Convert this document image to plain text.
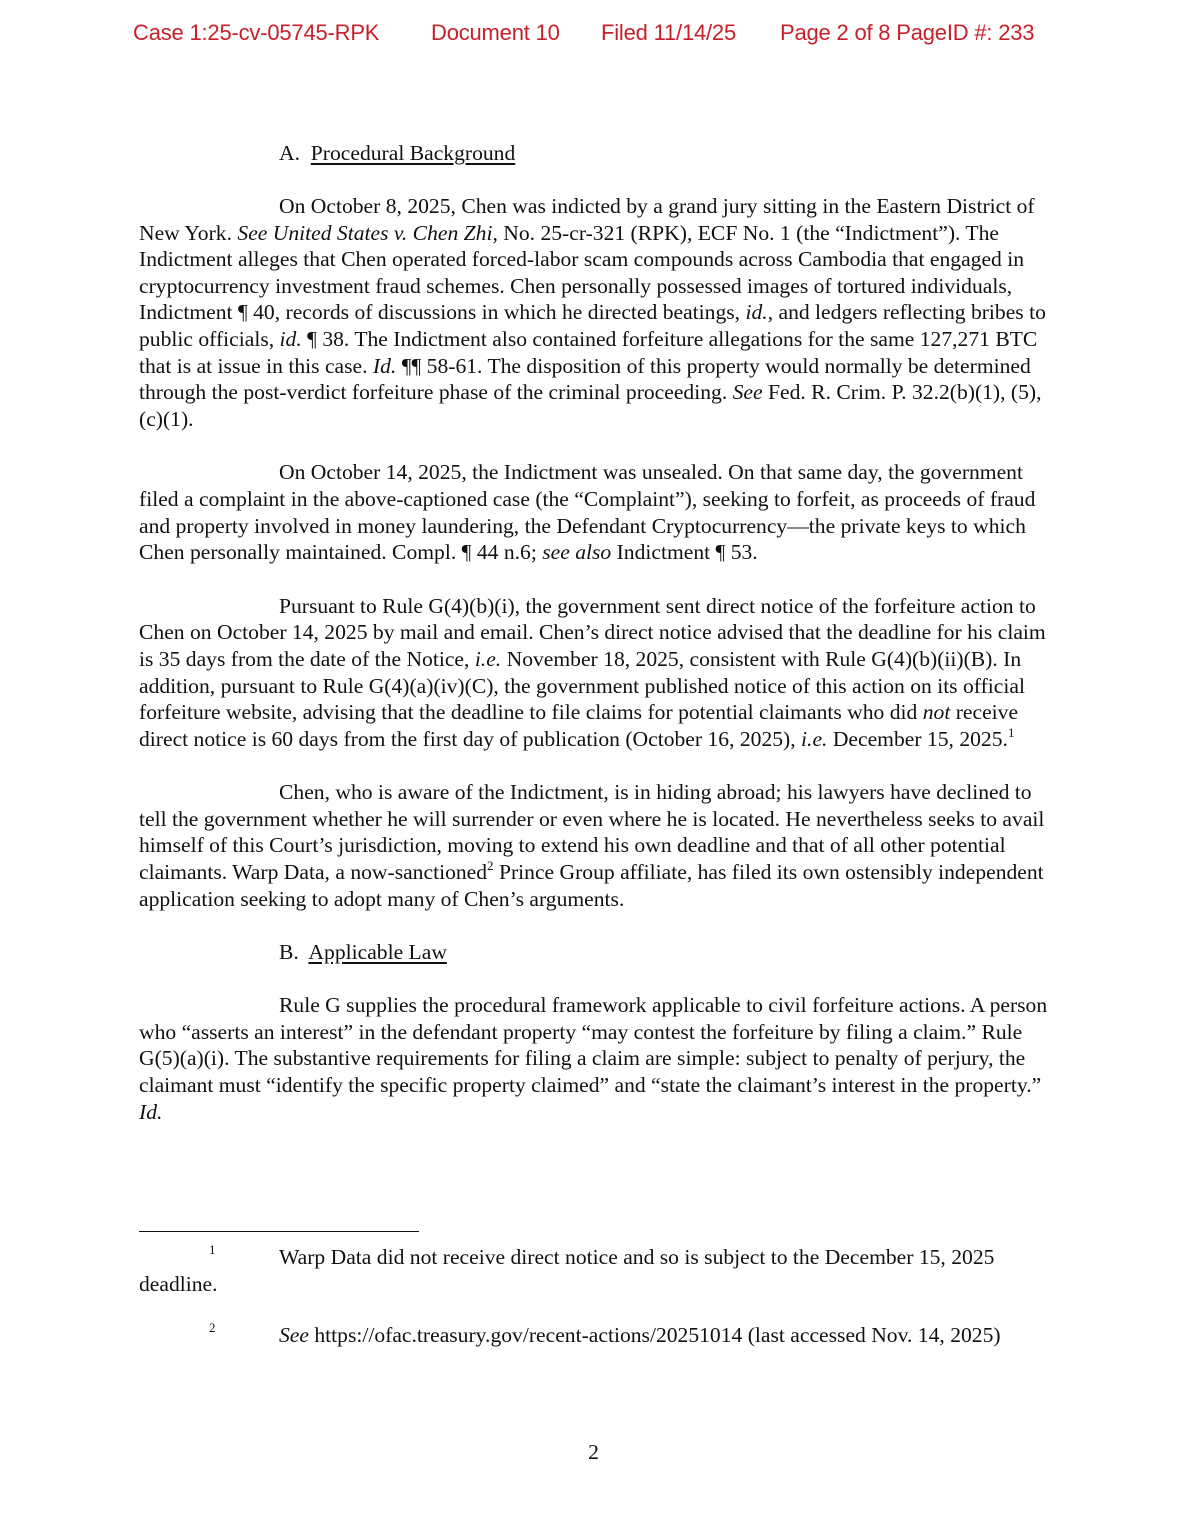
Case 1:25-cv-05745-RPK Document 10 Filed 11/14/25 Page 2 of 8 PageID #: 233
A. Procedural Background

On October 8, 2025, Chen was indicted by a grand jury sitting in the Eastern District of New York. See United States v. Chen Zhi, No. 25-cr-321 (RPK), ECF No. 1 (the “Indictment”). The Indictment alleges that Chen operated forced-labor scam compounds across Cambodia that engaged in cryptocurrency investment fraud schemes. Chen personally possessed images of tortured individuals, Indictment ¶ 40, records of discussions in which he directed beatings, id., and ledgers reflecting bribes to public officials, id. ¶ 38. The Indictment also contained forfeiture allegations for the same 127,271 BTC that is at issue in this case. Id. ¶¶ 58-61. The disposition of this property would normally be determined through the post-verdict forfeiture phase of the criminal proceeding. See Fed. R. Crim. P. 32.2(b)(1), (5), (c)(1).

On October 14, 2025, the Indictment was unsealed. On that same day, the government filed a complaint in the above-captioned case (the “Complaint”), seeking to forfeit, as proceeds of fraud and property involved in money laundering, the Defendant Cryptocurrency—the private keys to which Chen personally maintained. Compl. ¶ 44 n.6; see also Indictment ¶ 53.

Pursuant to Rule G(4)(b)(i), the government sent direct notice of the forfeiture action to Chen on October 14, 2025 by mail and email. Chen’s direct notice advised that the deadline for his claim is 35 days from the date of the Notice, i.e. November 18, 2025, consistent with Rule G(4)(b)(ii)(B). In addition, pursuant to Rule G(4)(a)(iv)(C), the government published notice of this action on its official forfeiture website, advising that the deadline to file claims for potential claimants who did not receive direct notice is 60 days from the first day of publication (October 16, 2025), i.e. December 15, 2025.$^1$

Chen, who is aware of the Indictment, is in hiding abroad; his lawyers have declined to tell the government whether he will surrender or even where he is located. He nevertheless seeks to avail himself of this Court’s jurisdiction, moving to extend his own deadline and that of all other potential claimants. Warp Data, a now-sanctioned$^2$ Prince Group affiliate, has filed its own ostensibly independent application seeking to adopt many of Chen’s arguments.

B. Applicable Law

Rule G supplies the procedural framework applicable to civil forfeiture actions. A person who “asserts an interest” in the defendant property “may contest the forfeiture by filing a claim.” Rule G(5)(a)(i). The substantive requirements for filing a claim are simple: subject to penalty of perjury, the claimant must “identify the specific property claimed” and “state the claimant’s interest in the property.” Id.

1	Warp Data did not receive direct notice and so is subject to the December 15, 2025 deadline.
2	See https://ofac.treasury.gov/recent-actions/20251014 (last accessed Nov. 14, 2025)
2
